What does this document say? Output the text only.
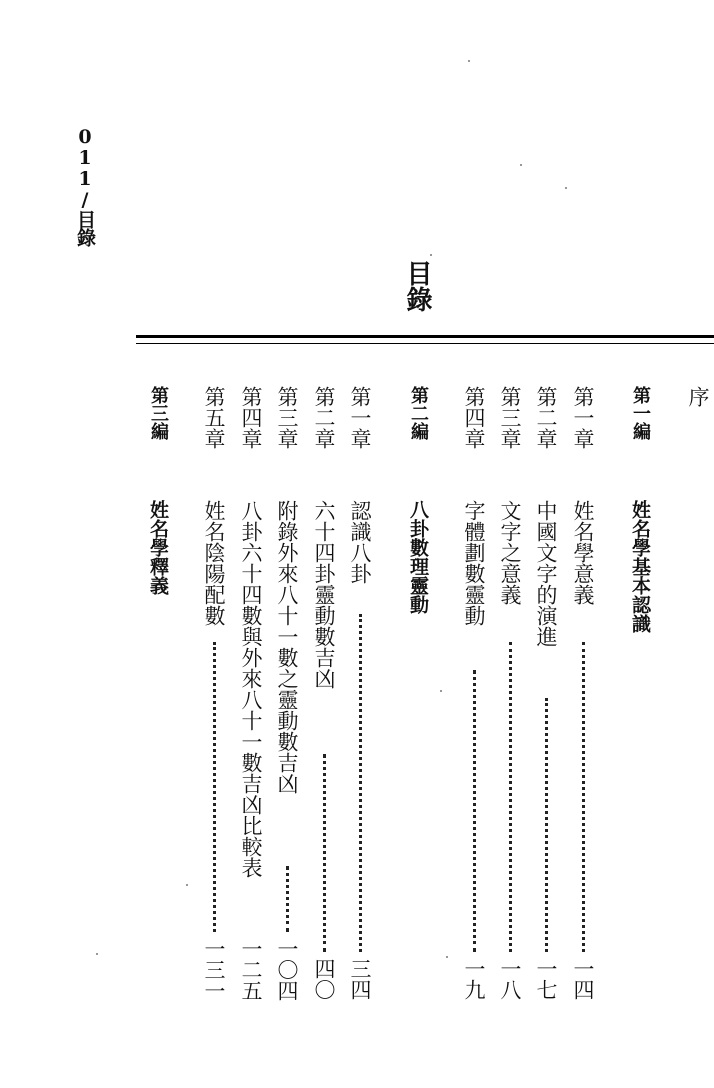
011/目錄
目錄
序
第一編
姓名學基本認識
第一章
姓名學意義
一四
第二章
中國文字的演進
一七
第三章
文字之意義
一八
第四章
字體劃數靈動
一九
第二編
八卦數理靈動
第一章
認識八卦
三四
第二章
六十四卦靈動數吉凶
四〇
第三章
附錄外來八十一數之靈動數吉凶
一〇四
第四章
八卦六十四數與外來八十一數吉凶比較表
一二五
第五章
姓名陰陽配數
一三一
第三編
姓名學釋義
